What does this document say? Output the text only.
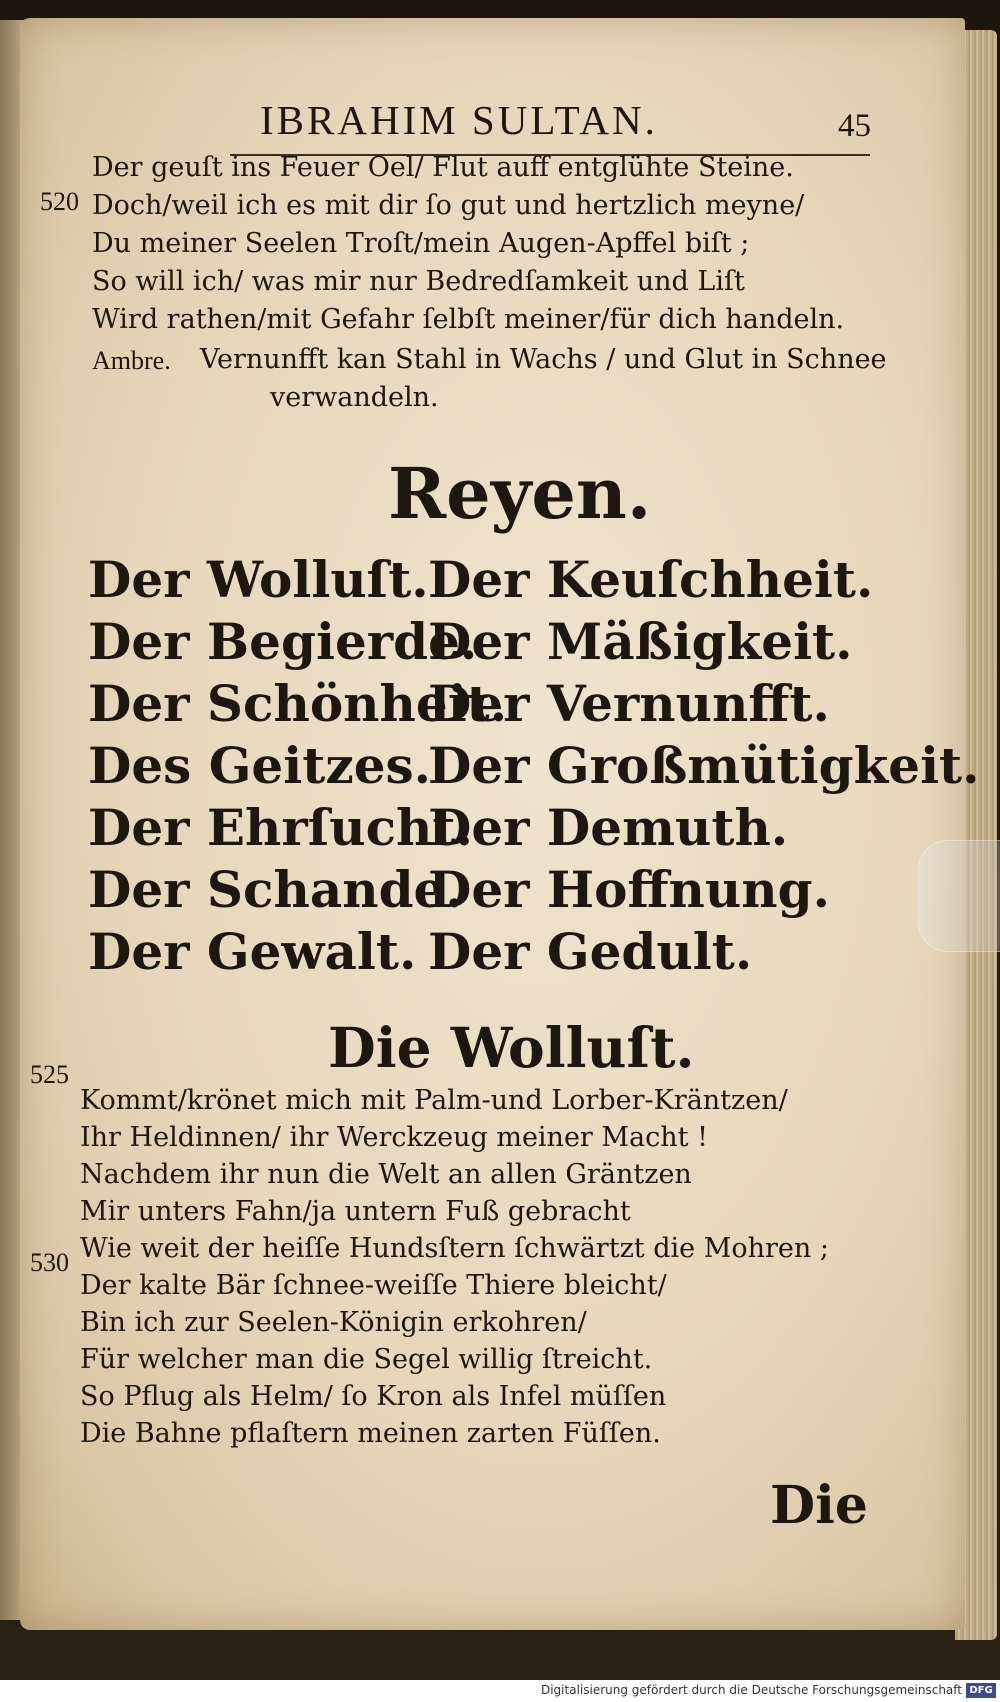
IBRAHIM SULTAN.	45
520
Der geuſt ins Feuer Oel/ Flut auff entglühte Steine.
Doch/weil ich es mit dir ſo gut und hertzlich meyne/
Du meiner Seelen Troſt/mein Augen-Apffel biſt ;
So will ich/ was mir nur Bedredſamkeit und Liſt
Wird rathen/mit Gefahr ſelbſt meiner/für dich handeln.
Ambre. Vernunfft kan Stahl in Wachs / und Glut in Schnee
verwandeln.
Reyen.
Der Wolluſt.
Der Begierde.
Der Schönheit.
Des Geitzes.
Der Ehrſucht.
Der Schande.
Der Gewalt.
Der Keuſchheit.
Der Mäßigkeit.
Der Vernunfft.
Der Großmütigkeit.
Der Demuth.
Der Hoffnung.
Der Gedult.
Die Wolluſt.
525
Kommt/krönet mich mit Palm-und Lorber-Kräntzen/
Ihr Heldinnen/ ihr Werckzeug meiner Macht !
Nachdem ihr nun die Welt an allen Gräntzen
Mir unters Fahn/ja untern Fuß gebracht
Wie weit der heiſſe Hundsſtern ſchwärtzt die Mohren ;
530
Der kalte Bär ſchnee-weiſſe Thiere bleicht/
Bin ich zur Seelen-Königin erkohren/
Für welcher man die Segel willig ſtreicht.
So Pflug als Helm/ ſo Kron als Infel müſſen
Die Bahne pflaſtern meinen zarten Füſſen.
Die
Digitalisierung gefördert durch die Deutsche Forschungsgemeinschaft DFG
